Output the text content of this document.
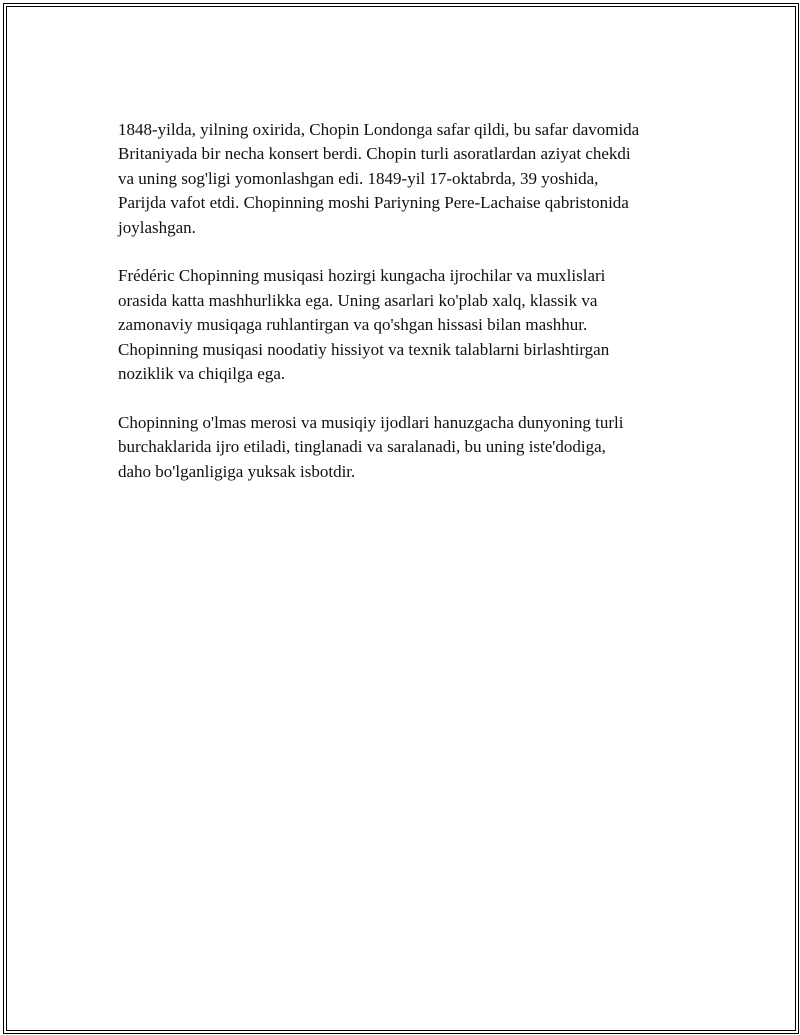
1848-yilda, yilning oxirida, Chopin Londonga safar qildi, bu safar davomida
Britaniyada bir necha konsert berdi. Chopin turli asoratlardan aziyat chekdi
va uning sog'ligi yomonlashgan edi. 1849-yil 17-oktabrda, 39 yoshida,
Parijda vafot etdi. Chopinning moshi Pariyning Pere-Lachaise qabristonida
joylashgan.

Frédéric Chopinning musiqasi hozirgi kungacha ijrochilar va muxlislari
orasida katta mashhurlikka ega. Uning asarlari ko'plab xalq, klassik va
zamonaviy musiqaga ruhlantirgan va qo'shgan hissasi bilan mashhur.
Chopinning musiqasi noodatiy hissiyot va texnik talablarni birlashtirgan
noziklik va chiqilga ega.

Chopinning o'lmas merosi va musiqiy ijodlari hanuzgacha dunyoning turli
burchaklarida ijro etiladi, tinglanadi va saralanadi, bu uning iste'dodiga,
daho bo'lganligiga yuksak isbotdir.
